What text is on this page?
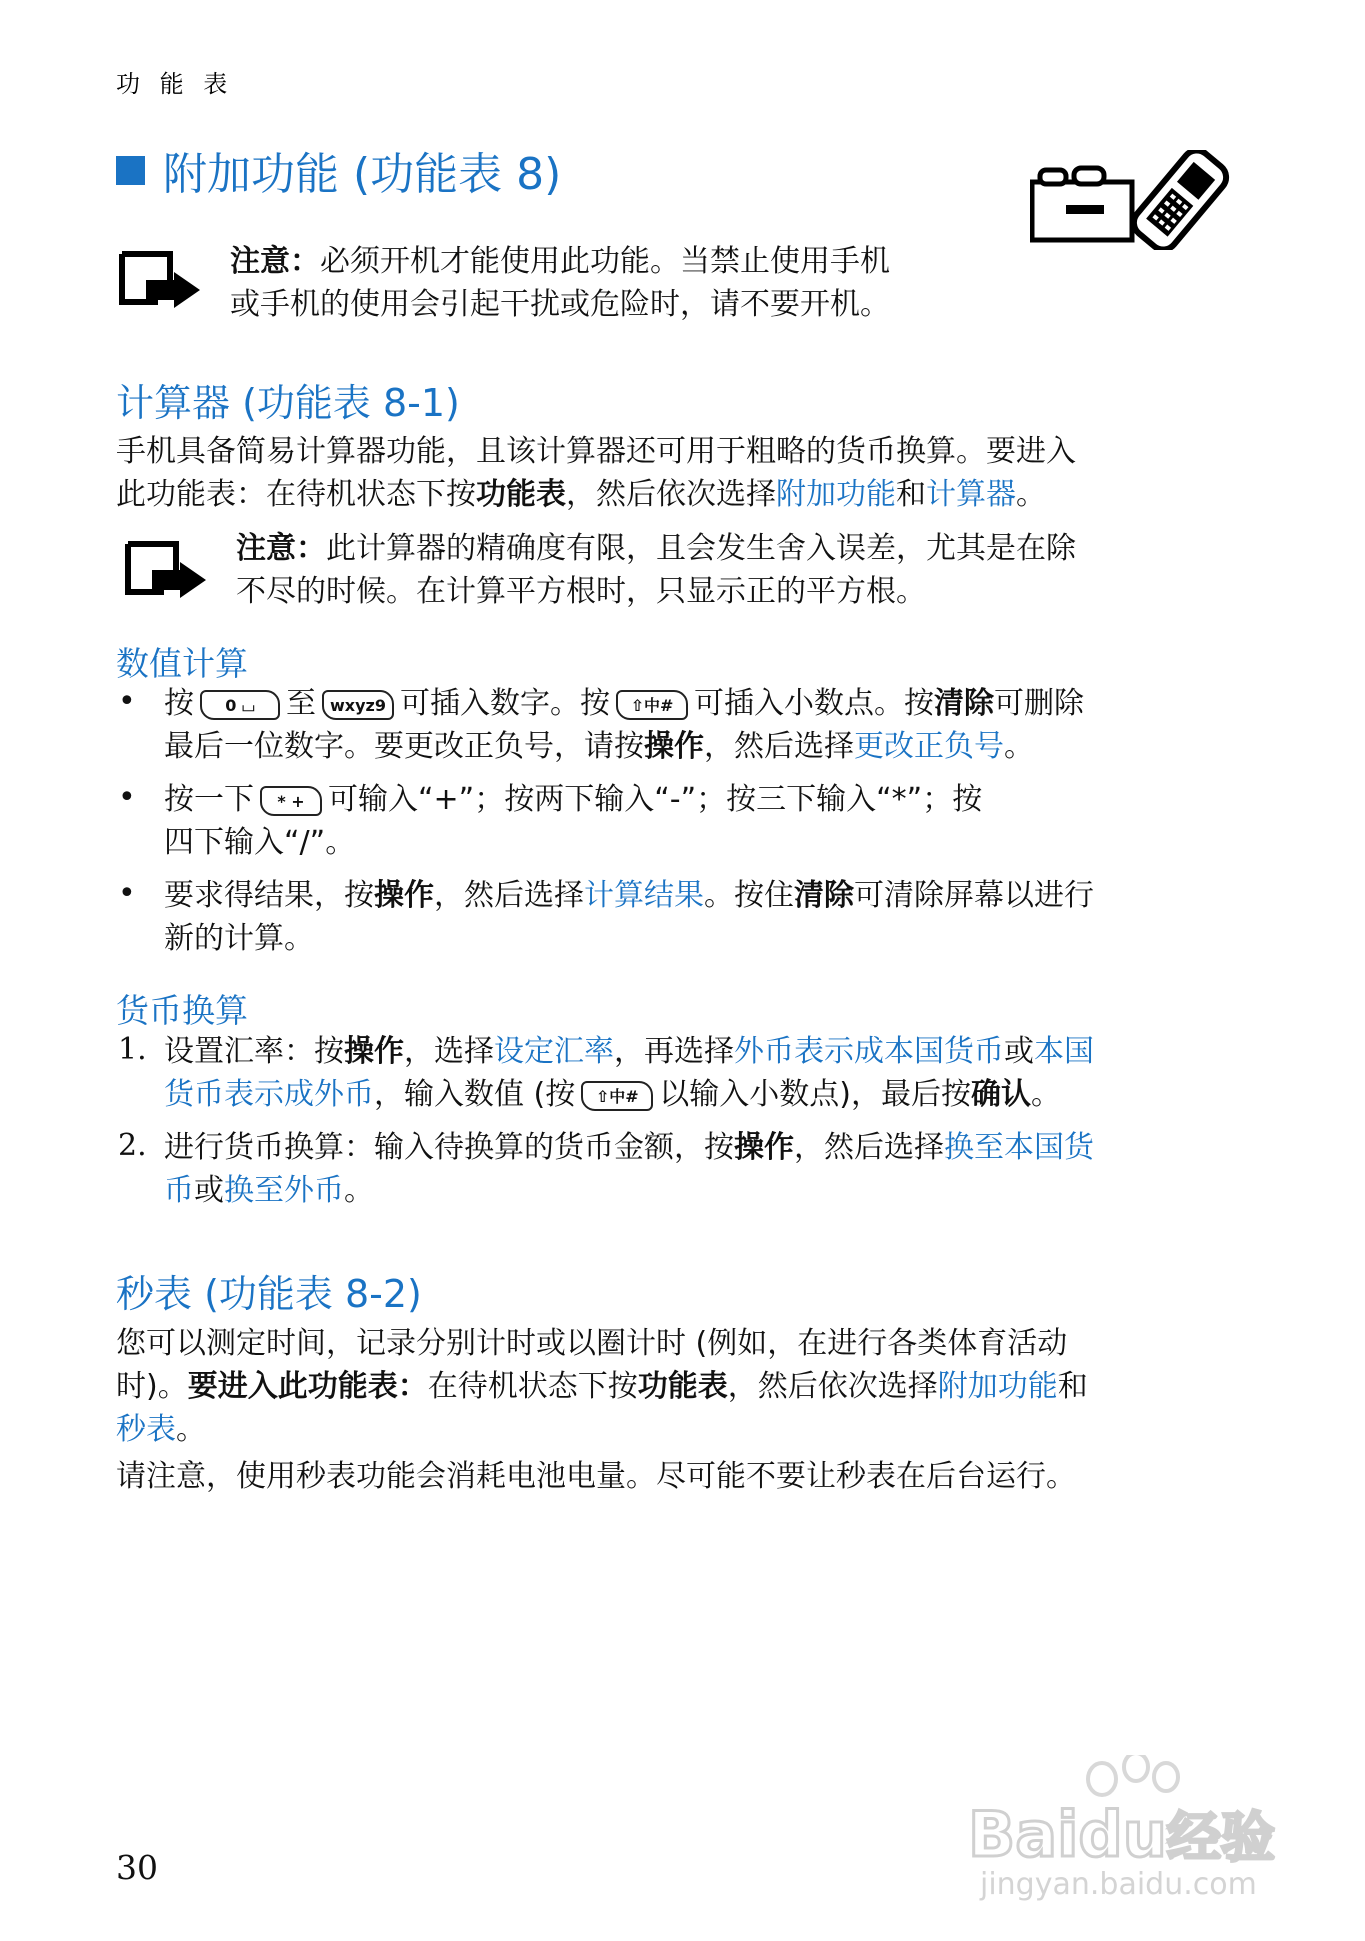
功 能 表
附加功能 (功能表 8)
注意：必须开机才能使用此功能。当禁止使用手机
或手机的使用会引起干扰或危险时，请不要开机。
计算器 (功能表 8-1)
手机具备简易计算器功能，且该计算器还可用于粗略的货币换算。要进入
此功能表：在待机状态下按功能表，然后依次选择附加功能和计算器。
注意：此计算器的精确度有限，且会发生舍入误差，尤其是在除
不尽的时候。在计算平方根时，只显示正的平方根。
数值计算
• 按 0 ⌴ 至 wxyz9 可插入数字。按 ⇧中# 可插入小数点。按清除可删除
最后一位数字。要更改正负号，请按操作，然后选择更改正负号。
• 按一下 * + 可输入“+”；按两下输入“-”；按三下输入“*”；按
四下输入“/”。
• 要求得结果，按操作，然后选择计算结果。按住清除可清除屏幕以进行
新的计算。
货币换算
1. 设置汇率：按操作，选择设定汇率，再选择外币表示成本国货币或本国
货币表示成外币，输入数值 (按 ⇧中# 以输入小数点)，最后按确认。
2. 进行货币换算：输入待换算的货币金额，按操作，然后选择换至本国货
币或换至外币。
秒表 (功能表 8-2)
您可以测定时间，记录分别计时或以圈计时 (例如，在进行各类体育活动
时)。要进入此功能表：在待机状态下按功能表，然后依次选择附加功能和
秒表。
请注意，使用秒表功能会消耗电池电量。尽可能不要让秒表在后台运行。
30	Baidu经验
jingyan.baidu.com
